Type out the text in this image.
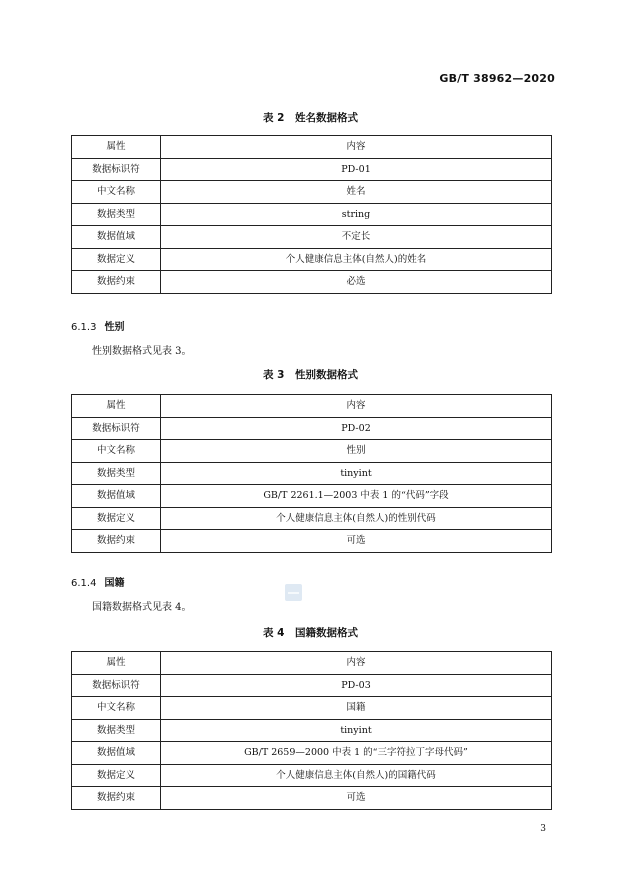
GB/T 38962—2020
表 2　姓名数据格式
属性	内容
数据标识符	PD-01
中文名称	姓名
数据类型	string
数据值域	不定长
数据定义	个人健康信息主体(自然人)的姓名
数据约束	必选
6.1.3 性别
性别数据格式见表 3。
表 3　性别数据格式
属性	内容
数据标识符	PD-02
中文名称	性别
数据类型	tinyint
数据值域	GB/T 2261.1—2003 中表 1 的“代码”字段
数据定义	个人健康信息主体(自然人)的性别代码
数据约束	可选
6.1.4 国籍
国籍数据格式见表 4。
表 4　国籍数据格式
属性	内容
数据标识符	PD-03
中文名称	国籍
数据类型	tinyint
数据值域	GB/T 2659—2000 中表 1 的“三字符拉丁字母代码”
数据定义	个人健康信息主体(自然人)的国籍代码
数据约束	可选
3
